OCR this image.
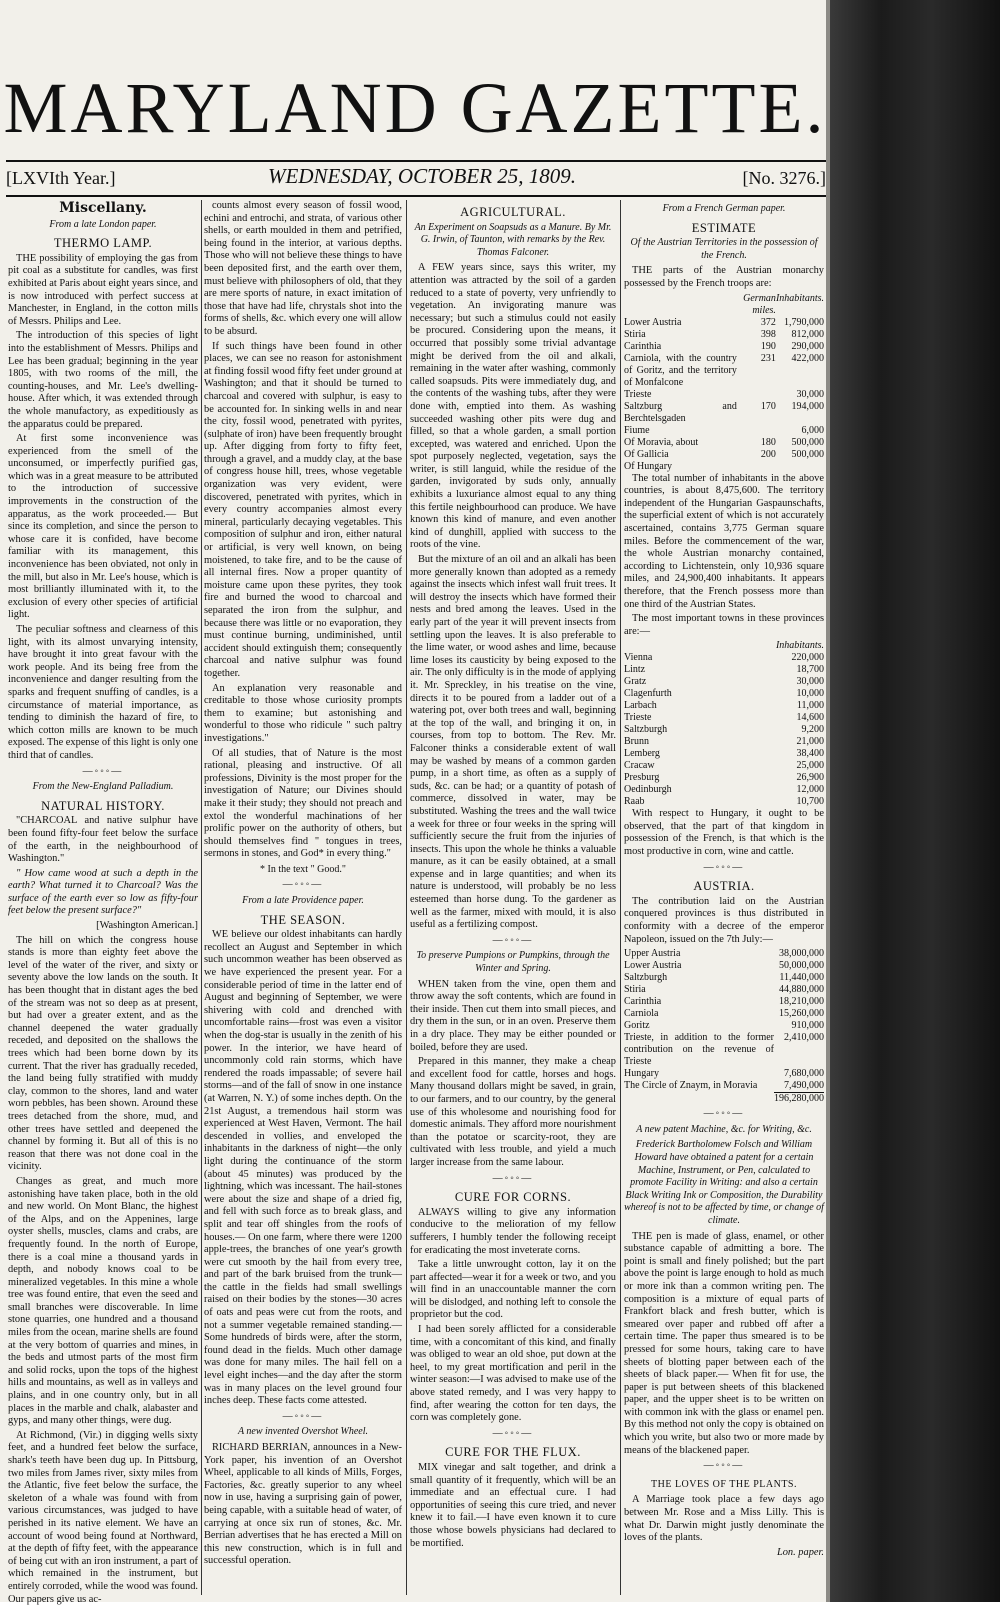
MARYLAND GAZETTE.
[LXVIth Year.]	WEDNESDAY, OCTOBER 25, 1809.	[No. 3276.]
Miscellany.

From a late London paper.

THERMO LAMP.

THE possibility of employing the gas from pit coal as a substitute for candles, was first exhibited at Paris about eight years since, and is now introduced with perfect success at Manchester, in England, in the cotton mills of Messrs. Philips and Lee.

The introduction of this species of light into the establishment of Messrs. Philips and Lee has been gradual; beginning in the year 1805, with two rooms of the mill, the counting-houses, and Mr. Lee's dwelling-house. After which, it was extended through the whole manufactory, as expeditiously as the apparatus could be prepared.

At first some inconvenience was experienced from the smell of the unconsumed, or imperfectly purified gas, which was in a great measure to be attributed to the introduction of successive improvements in the construction of the apparatus, as the work proceeded.— But since its completion, and since the person to whose care it is confided, have become familiar with its management, this inconvenience has been obviated, not only in the mill, but also in Mr. Lee's house, which is most brilliantly illuminated with it, to the exclusion of every other species of artificial light.

The peculiar softness and clearness of this light, with its almost unvarying intensity, have brought it into great favour with the work people. And its being free from the inconvenience and danger resulting from the sparks and frequent snuffing of candles, is a circumstance of material importance, as tending to diminish the hazard of fire, to which cotton mills are known to be much exposed. The expense of this light is only one third that of candles.

—◦◦◦—

From the New-England Palladium.

NATURAL HISTORY.

"CHARCOAL and native sulphur have been found fifty-four feet below the surface of the earth, in the neighbourhood of Washington."

" How came wood at such a depth in the earth? What turned it to Charcoal? Was the surface of the earth ever so low as fifty-four feet below the present surface?"

[Washington American.]

The hill on which the congress house stands is more than eighty feet above the level of the water of the river, and sixty or seventy above the low lands on the south. It has been thought that in distant ages the bed of the stream was not so deep as at present, but had over a greater extent, and as the channel deepened the water gradually receded, and deposited on the shallows the trees which had been borne down by its current. That the river has gradually receded, the land being fully stratified with muddy clay, common to the shores, land and water worn pebbles, has been shown. Around these trees detached from the shore, mud, and other trees have settled and deepened the channel by forming it. But all of this is no reason that there was not done coal in the vicinity.

Changes as great, and much more astonishing have taken place, both in the old and new world. On Mont Blanc, the highest of the Alps, and on the Appenines, large oyster shells, muscles, clams and crabs, are frequently found. In the north of Europe, there is a coal mine a thousand yards in depth, and nobody knows coal to be mineralized vegetables. In this mine a whole tree was found entire, that even the seed and small branches were discoverable. In lime stone quarries, one hundred and a thousand miles from the ocean, marine shells are found at the very bottom of quarries and mines, in the beds and utmost parts of the most firm and solid rocks, upon the tops of the highest hills and mountains, as well as in valleys and plains, and in one country only, but in all places in the marble and chalk, alabaster and gyps, and many other things, were dug.

At Richmond, (Vir.) in digging wells sixty feet, and a hundred feet below the surface, shark's teeth have been dug up. In Pittsburg, two miles from James river, sixty miles from the Atlantic, five feet below the surface, the skeleton of a whale was found with from various circumstances, was judged to have perished in its native element. We have an account of wood being found at Northward, at the depth of fifty feet, with the appearance of being cut with an iron instrument, a part of which remained in the instrument, but entirely corroded, while the wood was found. Our papers give us ac-

counts almost every season of fossil wood, echini and entrochi, and strata, of various other shells, or earth moulded in them and petrified, being found in the interior, at various depths. Those who will not believe these things to have been deposited first, and the earth over them, must believe with philosophers of old, that they are mere sports of nature, in exact imitation of those that have had life, chrystals shot into the forms of shells, &c. which every one will allow to be absurd.

If such things have been found in other places, we can see no reason for astonishment at finding fossil wood fifty feet under ground at Washington; and that it should be turned to charcoal and covered with sulphur, is easy to be accounted for. In sinking wells in and near the city, fossil wood, penetrated with pyrites, (sulphate of iron) have been frequently brought up. After digging from forty to fifty feet, through a gravel, and a muddy clay, at the base of congress house hill, trees, whose vegetable organization was very evident, were discovered, penetrated with pyrites, which in every country accompanies almost every mineral, particularly decaying vegetables. This composition of sulphur and iron, either natural or artificial, is very well known, on being moistened, to take fire, and to be the cause of all internal fires. Now a proper quantity of moisture came upon these pyrites, they took fire and burned the wood to charcoal and separated the iron from the sulphur, and because there was little or no evaporation, they must continue burning, undiminished, until accident should extinguish them; consequently charcoal and native sulphur was found together.

An explanation very reasonable and creditable to those whose curiosity prompts them to examine; but astonishing and wonderful to those who ridicule " such paltry investigations."

Of all studies, that of Nature is the most rational, pleasing and instructive. Of all professions, Divinity is the most proper for the investigation of Nature; our Divines should make it their study; they should not preach and extol the wonderful machinations of her prolific power on the authority of others, but should themselves find " tongues in trees, sermons in stones, and God* in every thing."

* In the text " Good."

—◦◦◦—

From a late Providence paper.

THE SEASON.

WE believe our oldest inhabitants can hardly recollect an August and September in which such uncommon weather has been observed as we have experienced the present year. For a considerable period of time in the latter end of August and beginning of September, we were shivering with cold and drenched with uncomfortable rains—frost was even a visitor when the dog-star is usually in the zenith of his power. In the interior, we have heard of uncommonly cold rain storms, which have rendered the roads impassable; of severe hail storms—and of the fall of snow in one instance (at Warren, N. Y.) of some inches depth. On the 21st August, a tremendous hail storm was experienced at West Haven, Vermont. The hail descended in vollies, and enveloped the inhabitants in the darkness of night—the only light during the continuance of the storm (about 45 minutes) was produced by the lightning, which was incessant. The hail-stones were about the size and shape of a dried fig, and fell with such force as to break glass, and split and tear off shingles from the roofs of houses.— On one farm, where there were 1200 apple-trees, the branches of one year's growth were cut smooth by the hail from every tree, and part of the bark bruised from the trunk—the cattle in the fields had small swellings raised on their bodies by the stones—30 acres of oats and peas were cut from the roots, and not a summer vegetable remained standing.— Some hundreds of birds were, after the storm, found dead in the fields. Much other damage was done for many miles. The hail fell on a level eight inches—and the day after the storm was in many places on the level ground four inches deep. These facts come attested.

—◦◦◦—

A new invented Overshot Wheel.

RICHARD BERRIAN, announces in a New-York paper, his invention of an Overshot Wheel, applicable to all kinds of Mills, Forges, Factories, &c. greatly superior to any wheel now in use, having a surprising gain of power, being capable, with a suitable head of water, of carrying at once six run of stones, &c. Mr. Berrian advertises that he has erected a Mill on this new construction, which is in full and successful operation.

AGRICULTURAL.

An Experiment on Soapsuds as a Manure. By Mr. G. Irwin, of Taunton, with remarks by the Rev. Thomas Falconer.

A FEW years since, says this writer, my attention was attracted by the soil of a garden reduced to a state of poverty, very unfriendly to vegetation. An invigorating manure was necessary; but such a stimulus could not easily be procured. Considering upon the means, it occurred that possibly some trivial advantage might be derived from the oil and alkali, remaining in the water after washing, commonly called soapsuds. Pits were immediately dug, and the contents of the washing tubs, after they were done with, emptied into them. As washing succeeded washing other pits were dug and filled, so that a whole garden, a small portion excepted, was watered and enriched. Upon the spot purposely neglected, vegetation, says the writer, is still languid, while the residue of the garden, invigorated by suds only, annually exhibits a luxuriance almost equal to any thing this fertile neighbourhood can produce. We have known this kind of manure, and even another kind of dunghill, applied with success to the roots of the vine.

But the mixture of an oil and an alkali has been more generally known than adopted as a remedy against the insects which infest wall fruit trees. It will destroy the insects which have formed their nests and bred among the leaves. Used in the early part of the year it will prevent insects from settling upon the leaves. It is also preferable to the lime water, or wood ashes and lime, because lime loses its causticity by being exposed to the air. The only difficulty is in the mode of applying it. Mr. Spreckley, in his treatise on the vine, directs it to be poured from a ladder out of a watering pot, over both trees and wall, beginning at the top of the wall, and bringing it on, in courses, from top to bottom. The Rev. Mr. Falconer thinks a considerable extent of wall may be washed by means of a common garden pump, in a short time, as often as a supply of suds, &c. can be had; or a quantity of potash of commerce, dissolved in water, may be substituted. Washing the trees and the wall twice a week for three or four weeks in the spring will sufficiently secure the fruit from the injuries of insects. This upon the whole he thinks a valuable manure, as it can be easily obtained, at a small expense and in large quantities; and when its nature is understood, will probably be no less esteemed than horse dung. To the gardener as well as the farmer, mixed with mould, it is also useful as a fertilizing compost.

—◦◦◦—

To preserve Pumpions or Pumpkins, through the Winter and Spring.

WHEN taken from the vine, open them and throw away the soft contents, which are found in their inside. Then cut them into small pieces, and dry them in the sun, or in an oven. Preserve them in a dry place. They may be either pounded or boiled, before they are used.

Prepared in this manner, they make a cheap and excellent food for cattle, horses and hogs. Many thousand dollars might be saved, in grain, to our farmers, and to our country, by the general use of this wholesome and nourishing food for domestic animals. They afford more nourishment than the potatoe or scarcity-root, they are cultivated with less trouble, and yield a much larger increase from the same labour.

—◦◦◦—

CURE FOR CORNS.

ALWAYS willing to give any information conducive to the melioration of my fellow sufferers, I humbly tender the following receipt for eradicating the most inveterate corns.

Take a little unwrought cotton, lay it on the part affected—wear it for a week or two, and you will find in an unaccountable manner the corn will be dislodged, and nothing left to console the proprietor but the cod.

I had been sorely afflicted for a considerable time, with a concomitant of this kind, and finally was obliged to wear an old shoe, put down at the heel, to my great mortification and peril in the winter season:—I was advised to make use of the above stated remedy, and I was very happy to find, after wearing the cotton for ten days, the corn was completely gone.

—◦◦◦—

CURE FOR THE FLUX.

MIX vinegar and salt together, and drink a small quantity of it frequently, which will be an immediate and an effectual cure. I had opportunities of seeing this cure tried, and never knew it to fail.—I have even known it to cure those whose bowels physicians had declared to be mortified.

From a French German paper.

ESTIMATE

Of the Austrian Territories in the possession of the French.

THE parts of the Austrian monarchy possessed by the French troops are:

	German miles.	Inhabitants.
Lower Austria	372	1,790,000
Stiria	398	812,000
Carinthia	190	290,000
Carniola, with the country of Goritz, and the territory of Monfalcone	231	422,000
Trieste		30,000
Saltzburg and Berchtelsgaden	170	194,000
Fiume		6,000
Of Moravia, about	180	500,000
Of Gallicia	200	500,000
Of Hungary		

The total number of inhabitants in the above countries, is about 8,475,600. The territory independent of the Hungarian Gaspaunschafts, the superficial extent of which is not accurately ascertained, contains 3,775 German square miles. Before the commencement of the war, the whole Austrian monarchy contained, according to Lichtenstein, only 10,936 square miles, and 24,900,400 inhabitants. It appears therefore, that the French possess more than one third of the Austrian States.

The most important towns in these provinces are:—

	Inhabitants.
Vienna	220,000
Lintz	18,700
Gratz	30,000
Clagenfurth	10,000
Larbach	11,000
Trieste	14,600
Saltzburgh	9,200
Brunn	21,000
Lemberg	38,400
Cracaw	25,000
Presburg	26,900
Oedinburgh	12,000
Raab	10,700

With respect to Hungary, it ought to be observed, that the part of that kingdom in possession of the French, is that which is the most productive in corn, wine and cattle.

—◦◦◦—

AUSTRIA.

The contribution laid on the Austrian conquered provinces is thus distributed in conformity with a decree of the emperor Napoleon, issued on the 7th July:—

Upper Austria	38,000,000
Lower Austria	50,000,000
Saltzburgh	11,440,000
Stiria	44,880,000
Carinthia	18,210,000
Carniola	15,260,000
Goritz	910,000
Trieste, in addition to the former contribution on the revenue of Trieste	2,410,000
Hungary	7,680,000
The Circle of Znaym, in Moravia	7,490,000
	196,280,000

—◦◦◦—

A new patent Machine, &c. for Writing, &c.

Frederick Bartholomew Folsch and William Howard have obtained a patent for a certain Machine, Instrument, or Pen, calculated to promote Facility in Writing: and also a certain Black Writing Ink or Composition, the Durability whereof is not to be affected by time, or change of climate.

THE pen is made of glass, enamel, or other substance capable of admitting a bore. The point is small and finely polished; but the part above the point is large enough to hold as much or more ink than a common writing pen. The composition is a mixture of equal parts of Frankfort black and fresh butter, which is smeared over paper and rubbed off after a certain time. The paper thus smeared is to be pressed for some hours, taking care to have sheets of blotting paper between each of the sheets of black paper.— When fit for use, the paper is put between sheets of this blackened paper, and the upper sheet is to be written on with common ink with the glass or enamel pen. By this method not only the copy is obtained on which you write, but also two or more made by means of the blackened paper.

—◦◦◦—

THE LOVES OF THE PLANTS.

A Marriage took place a few days ago between Mr. Rose and a Miss Lilly. This is what Dr. Darwin might justly denominate the loves of the plants.

Lon. paper.
